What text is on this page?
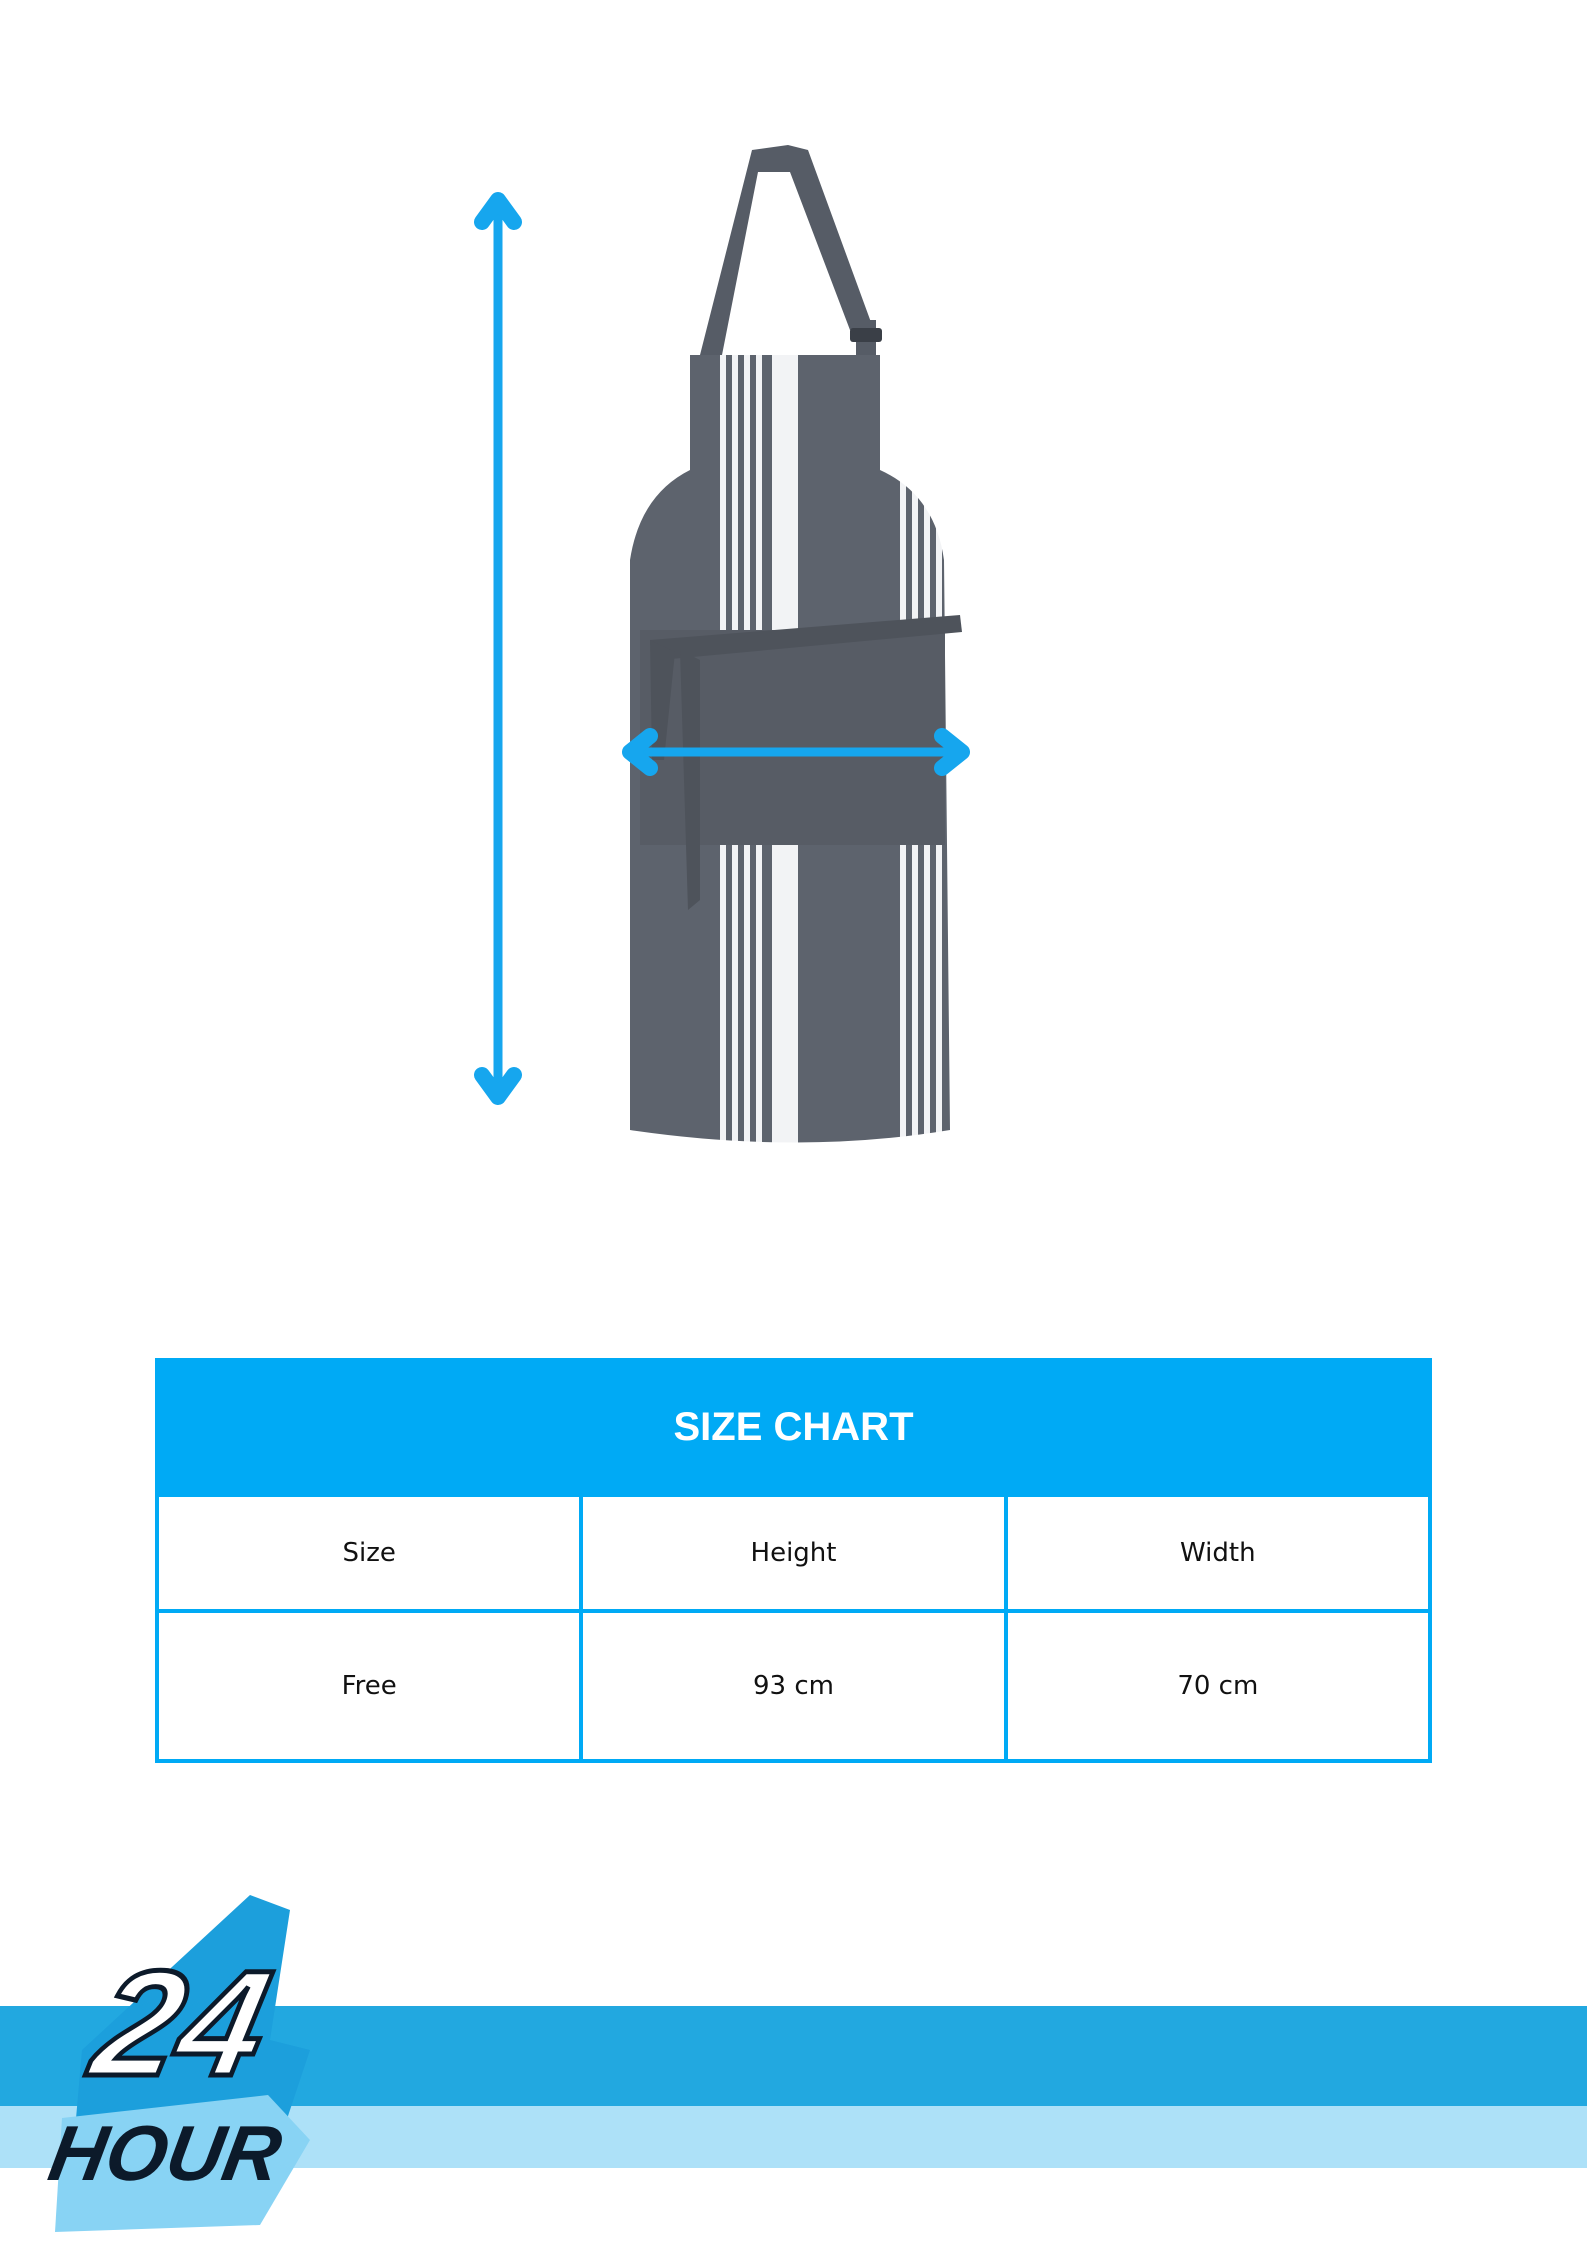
SIZE CHART		
Size	Height	Width
Free	93 cm	70 cm
24
HOUR
